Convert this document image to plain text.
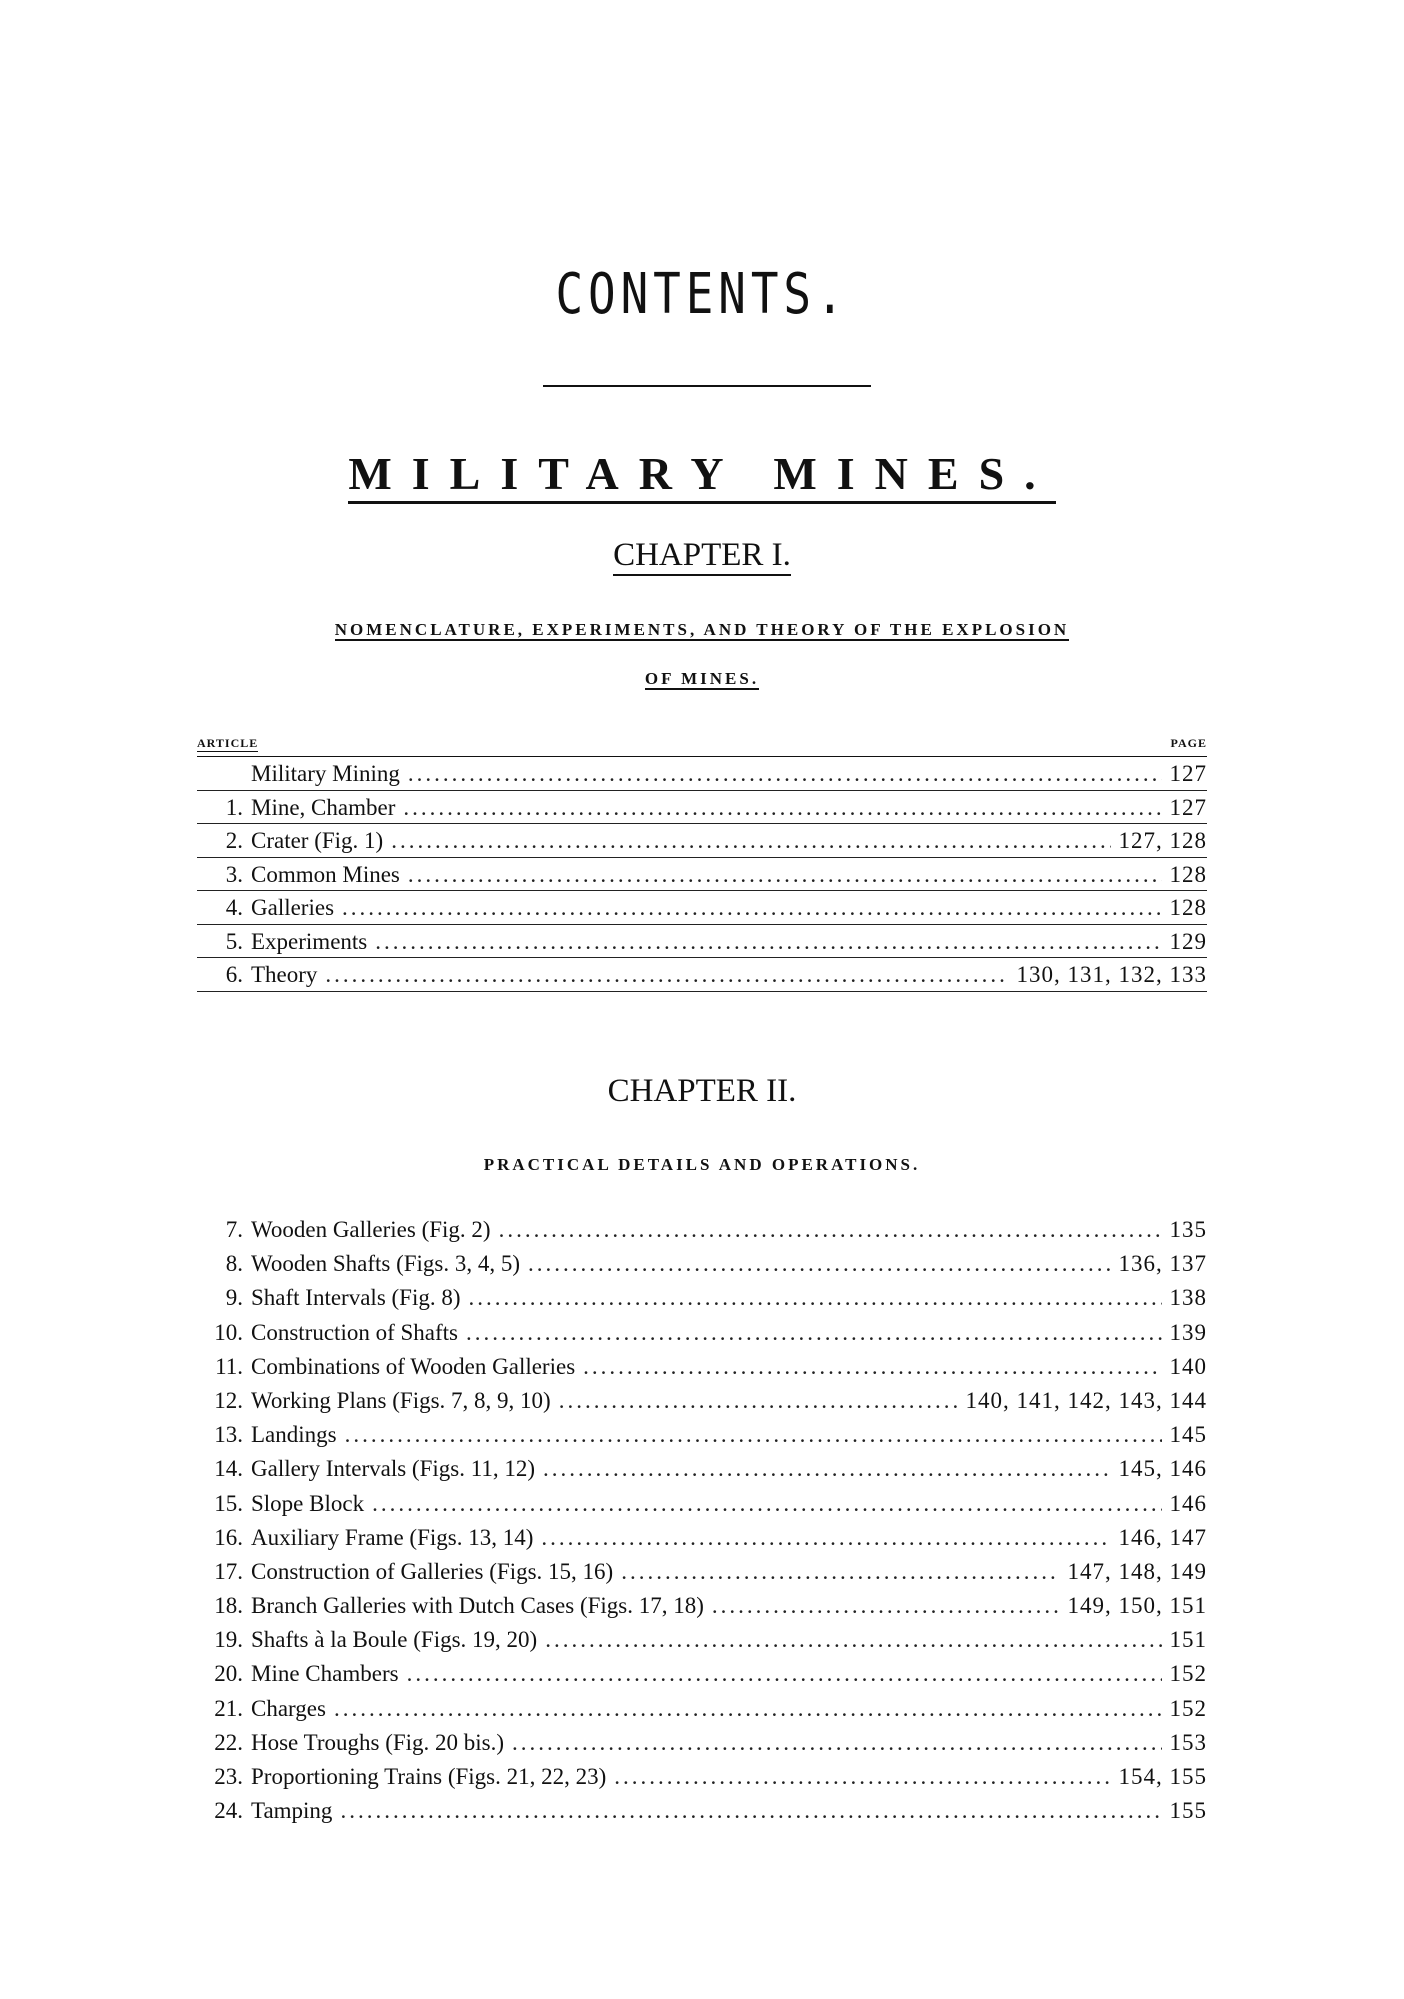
CONTENTS.
MILITARY MINES.
CHAPTER I.
NOMENCLATURE, EXPERIMENTS, AND THEORY OF THE EXPLOSION
OF MINES.
ARTICLE	PAGE
Military Mining .....	127
1. Mine, Chamber .....	127
2. Crater (Fig. 1) .....	127, 128
3. Common Mines .....	128
4. Galleries .....	128
5. Experiments .....	129
6. Theory .....	130, 131, 132, 133
CHAPTER II.
PRACTICAL DETAILS AND OPERATIONS.
7. Wooden Galleries (Fig. 2) .....	135
8. Wooden Shafts (Figs. 3, 4, 5) .....	136, 137
9. Shaft Intervals (Fig. 8) .....	138
10. Construction of Shafts .....	139
11. Combinations of Wooden Galleries .....	140
12. Working Plans (Figs. 7, 8, 9, 10) .....	140, 141, 142, 143, 144
13. Landings .....	145
14. Gallery Intervals (Figs. 11, 12) .....	145, 146
15. Slope Block .....	146
16. Auxiliary Frame (Figs. 13, 14) .....	146, 147
17. Construction of Galleries (Figs. 15, 16) .....	147, 148, 149
18. Branch Galleries with Dutch Cases (Figs. 17, 18) .....	149, 150, 151
19. Shafts à la Boule (Figs. 19, 20) .....	151
20. Mine Chambers .....	152
21. Charges .....	152
22. Hose Troughs (Fig. 20 bis.) .....	153
23. Proportioning Trains (Figs. 21, 22, 23) .....	154, 155
24. Tamping .....	155
